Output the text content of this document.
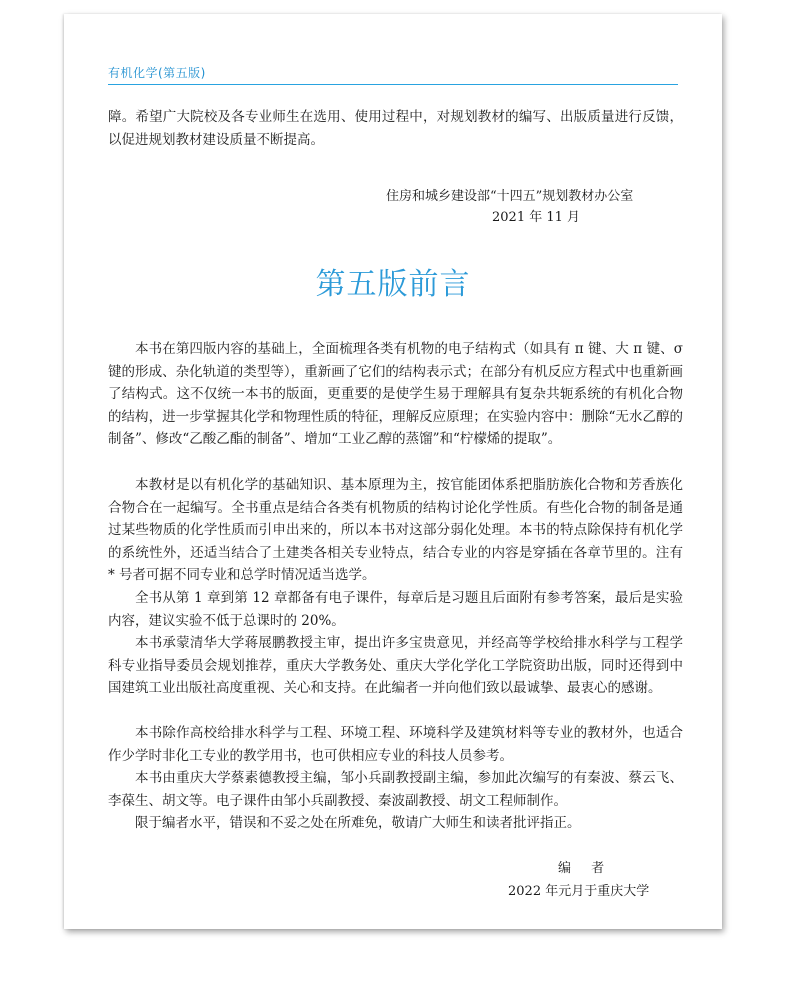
有机化学(第五版)

障。希望广大院校及各专业师生在选用、使用过程中，对规划教材的编写、出版质量进行反馈，以促进规划教材建设质量不断提高。

住房和城乡建设部“十四五”规划教材办公室
2021 年 11 月
第五版前言

本书在第四版内容的基础上，全面梳理各类有机物的电子结构式（如具有 π 键、大 π 键、σ 键的形成、杂化轨道的类型等），重新画了它们的结构表示式；在部分有机反应方程式中也重新画了结构式。这不仅统一本书的版面，更重要的是使学生易于理解具有复杂共轭系统的有机化合物的结构，进一步掌握其化学和物理性质的特征，理解反应原理；在实验内容中：删除“无水乙醇的制备”、修改“乙酸乙酯的制备”、增加“工业乙醇的蒸馏”和“柠檬烯的提取”。

本教材是以有机化学的基础知识、基本原理为主，按官能团体系把脂肪族化合物和芳香族化合物合在一起编写。全书重点是结合各类有机物质的结构讨论化学性质。有些化合物的制备是通过某些物质的化学性质而引申出来的，所以本书对这部分弱化处理。本书的特点除保持有机化学的系统性外，还适当结合了土建类各相关专业特点，结合专业的内容是穿插在各章节里的。注有 * 号者可据不同专业和总学时情况适当选学。

全书从第 1 章到第 12 章都备有电子课件，每章后是习题且后面附有参考答案，最后是实验内容，建议实验不低于总课时的 20%。

本书承蒙清华大学蒋展鹏教授主审，提出许多宝贵意见，并经高等学校给排水科学与工程学科专业指导委员会规划推荐，重庆大学教务处、重庆大学化学化工学院资助出版，同时还得到中国建筑工业出版社高度重视、关心和支持。在此编者一并向他们致以最诚挚、最衷心的感谢。

本书除作高校给排水科学与工程、环境工程、环境科学及建筑材料等专业的教材外，也适合作少学时非化工专业的教学用书，也可供相应专业的科技人员参考。

本书由重庆大学蔡素德教授主编，邹小兵副教授副主编，参加此次编写的有秦波、蔡云飞、李葆生、胡文等。电子课件由邹小兵副教授、秦波副教授、胡文工程师制作。

限于编者水平，错误和不妥之处在所难免，敬请广大师生和读者批评指正。

编 者
2022 年元月于重庆大学
